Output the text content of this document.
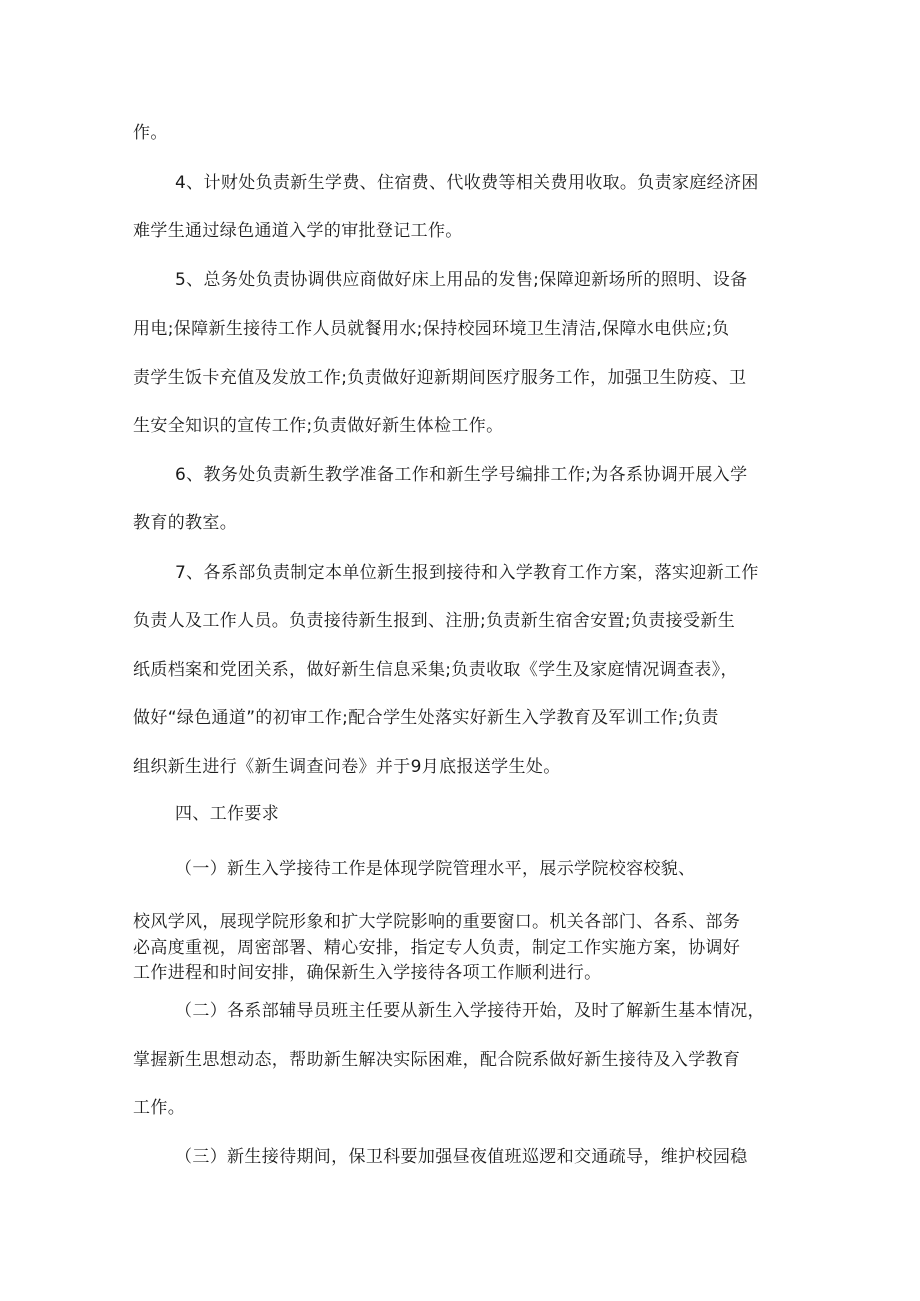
作。
4、计财处负责新生学费、住宿费、代收费等相关费用收取。负责家庭经济困
难学生通过绿色通道入学的审批登记工作。
5、总务处负责协调供应商做好床上用品的发售;保障迎新场所的照明、设备
用电;保障新生接待工作人员就餐用水;保持校园环境卫生清洁,保障水电供应;负
责学生饭卡充值及发放工作;负责做好迎新期间医疗服务工作，加强卫生防疫、卫
生安全知识的宣传工作;负责做好新生体检工作。
6、教务处负责新生教学准备工作和新生学号编排工作;为各系协调开展入学
教育的教室。
7、各系部负责制定本单位新生报到接待和入学教育工作方案，落实迎新工作
负责人及工作人员。负责接待新生报到、注册;负责新生宿舍安置;负责接受新生
纸质档案和党团关系，做好新生信息采集;负责收取《学生及家庭情况调查表》，
做好“绿色通道”的初审工作;配合学生处落实好新生入学教育及军训工作;负责
组织新生进行《新生调查问卷》并于9月底报送学生处。
四、工作要求
（一）新生入学接待工作是体现学院管理水平，展示学院校容校貌、
校风学风，展现学院形象和扩大学院影响的重要窗口。机关各部门、各系、部务
必高度重视，周密部署、精心安排，指定专人负责，制定工作实施方案，协调好
工作进程和时间安排，确保新生入学接待各项工作顺利进行。
（二）各系部辅导员班主任要从新生入学接待开始，及时了解新生基本情况，
掌握新生思想动态，帮助新生解决实际困难，配合院系做好新生接待及入学教育
工作。
（三）新生接待期间，保卫科要加强昼夜值班巡逻和交通疏导，维护校园稳
